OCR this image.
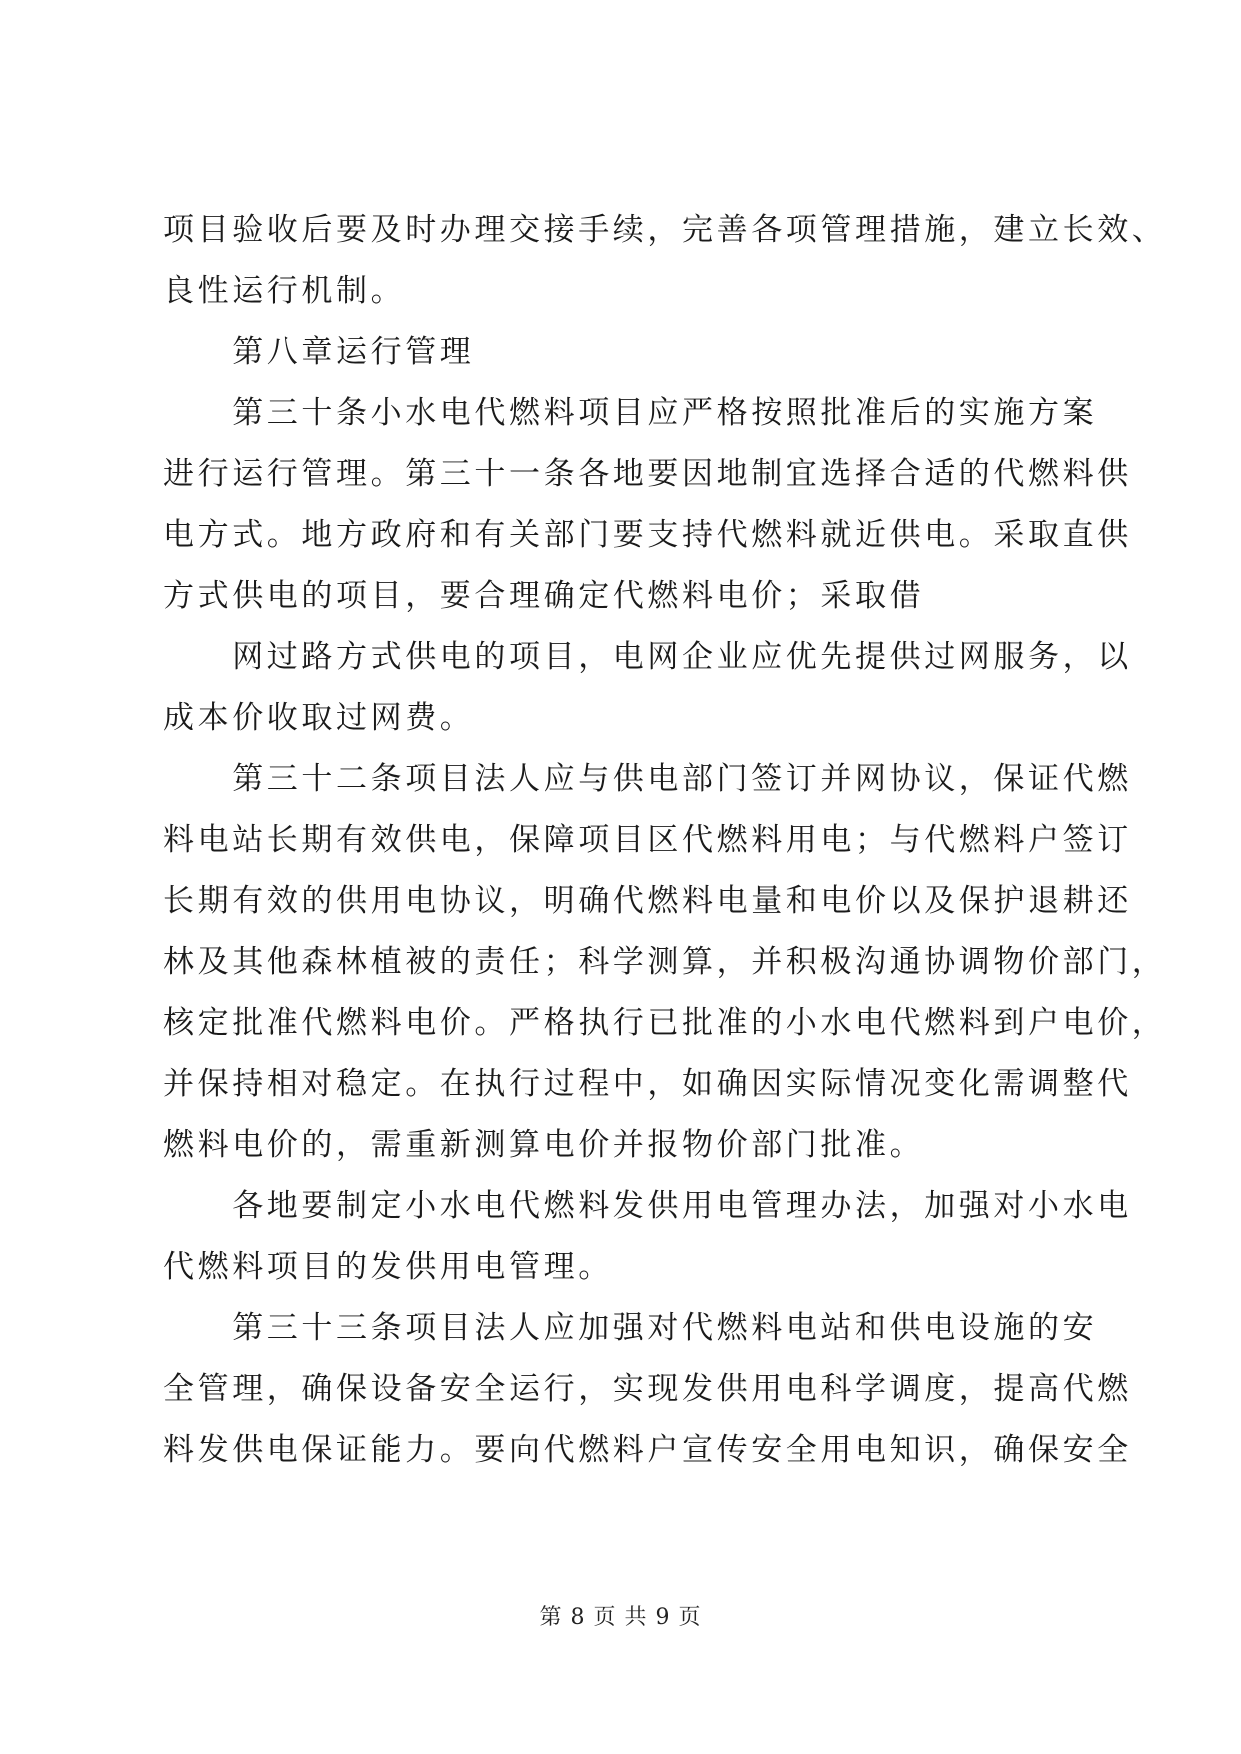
项目验收后要及时办理交接手续，完善各项管理措施，建立长效、
良性运行机制。
　　第八章运行管理
　　第三十条小水电代燃料项目应严格按照批准后的实施方案
进行运行管理。第三十一条各地要因地制宜选择合适的代燃料供
电方式。地方政府和有关部门要支持代燃料就近供电。采取直供
方式供电的项目，要合理确定代燃料电价；采取借
　　网过路方式供电的项目，电网企业应优先提供过网服务，以
成本价收取过网费。
　　第三十二条项目法人应与供电部门签订并网协议，保证代燃
料电站长期有效供电，保障项目区代燃料用电；与代燃料户签订
长期有效的供用电协议，明确代燃料电量和电价以及保护退耕还
林及其他森林植被的责任；科学测算，并积极沟通协调物价部门，
核定批准代燃料电价。严格执行已批准的小水电代燃料到户电价，
并保持相对稳定。在执行过程中，如确因实际情况变化需调整代
燃料电价的，需重新测算电价并报物价部门批准。
　　各地要制定小水电代燃料发供用电管理办法，加强对小水电
代燃料项目的发供用电管理。
　　第三十三条项目法人应加强对代燃料电站和供电设施的安
全管理，确保设备安全运行，实现发供用电科学调度，提高代燃
料发供电保证能力。要向代燃料户宣传安全用电知识，确保安全
第 8 页 共 9 页
